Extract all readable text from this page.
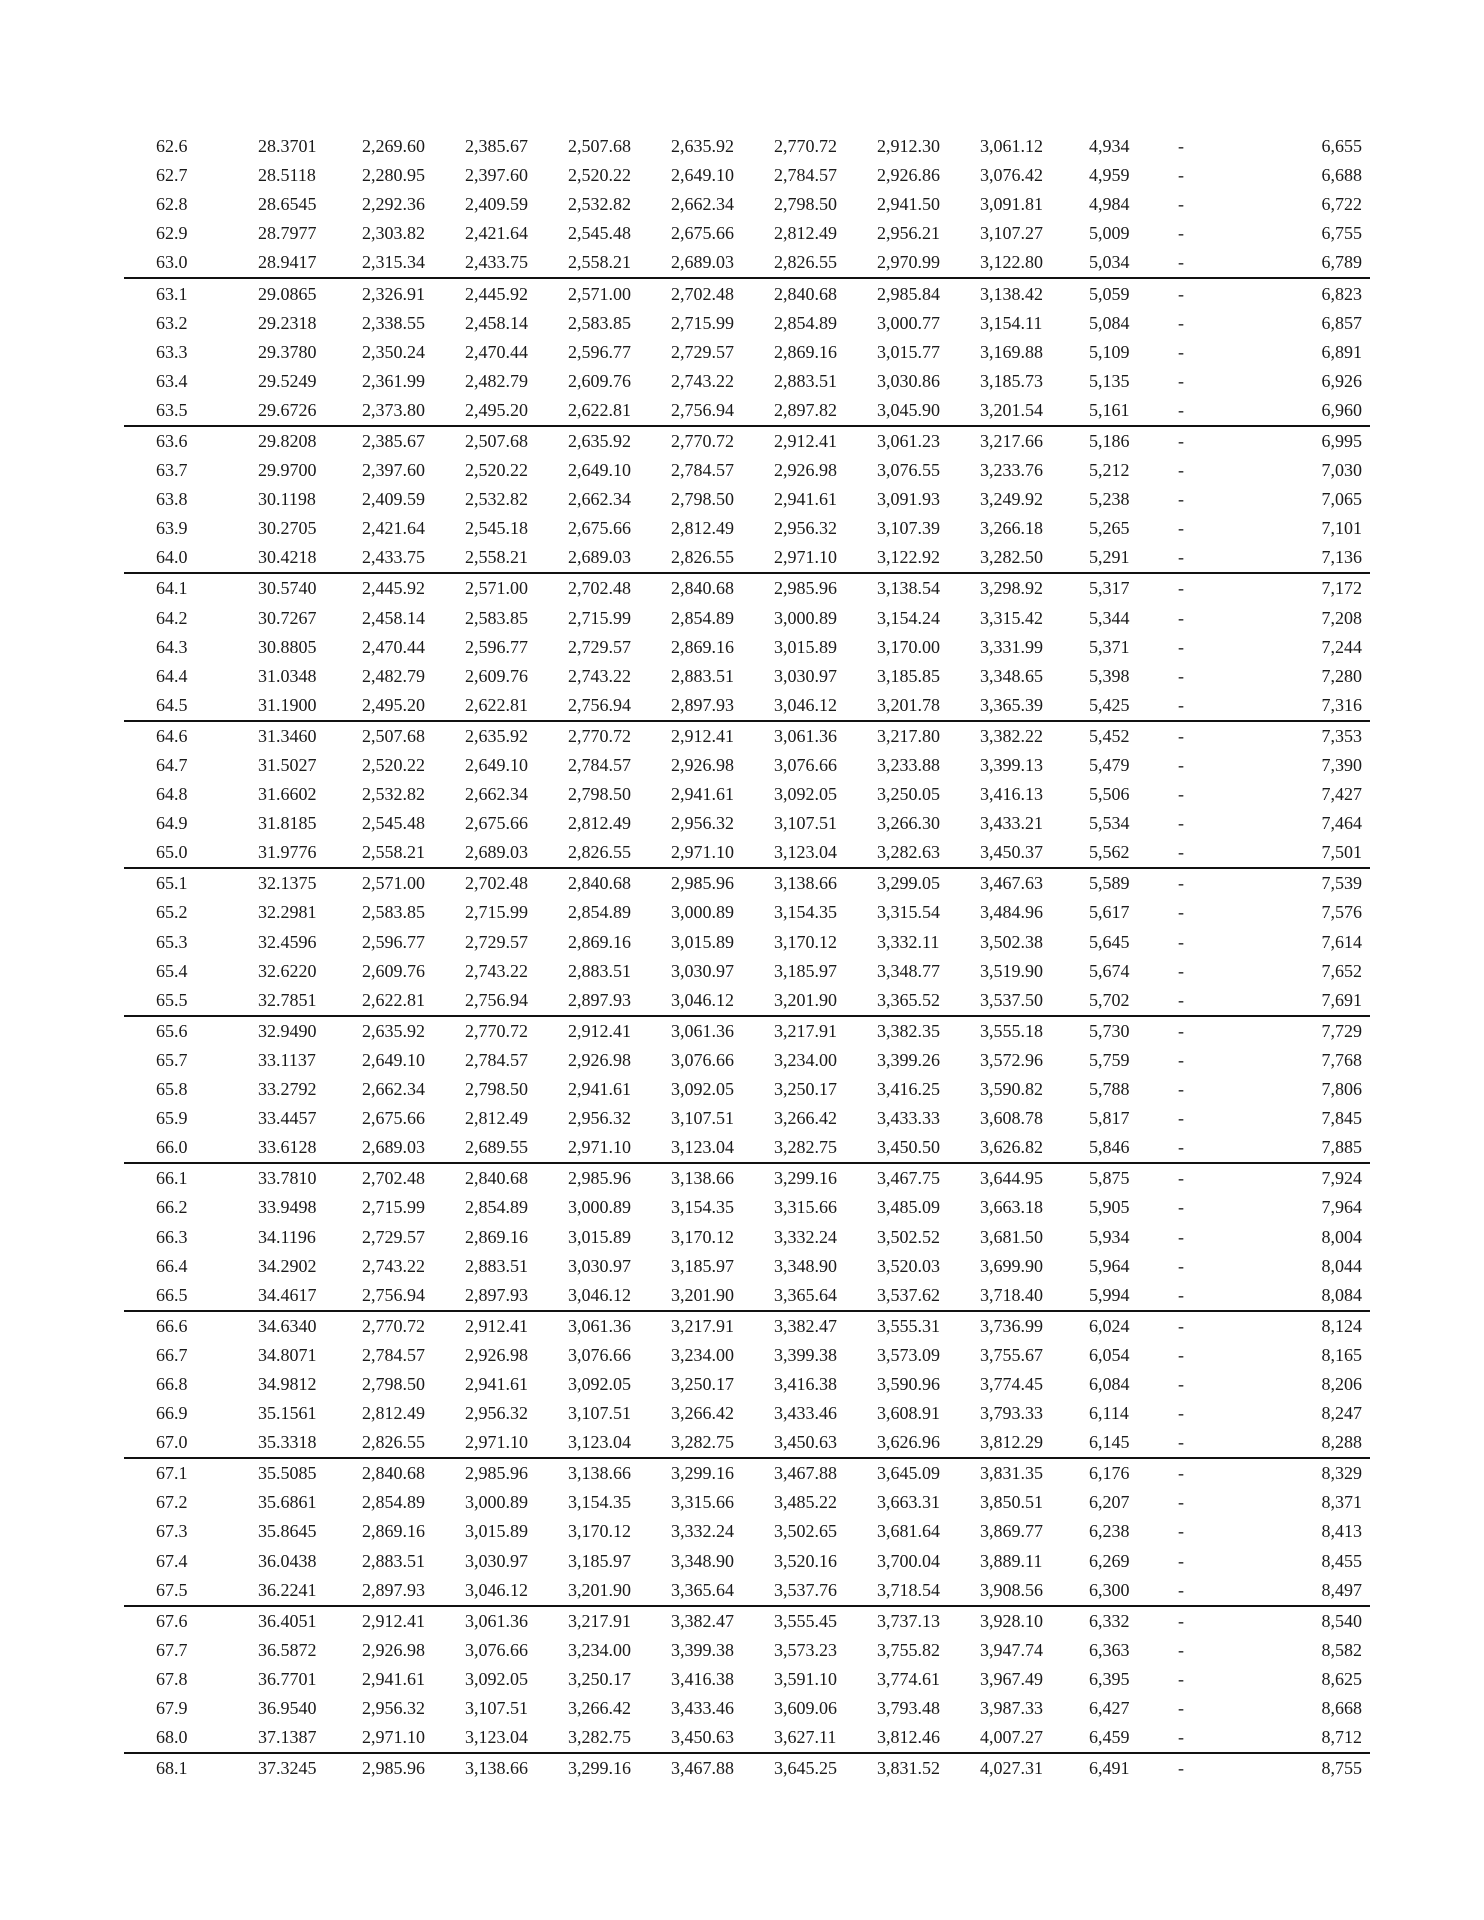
62.6	28.3701	2,269.60	2,385.67	2,507.68	2,635.92	2,770.72	2,912.30	3,061.12	4,934	-	6,655
62.7	28.5118	2,280.95	2,397.60	2,520.22	2,649.10	2,784.57	2,926.86	3,076.42	4,959	-	6,688
62.8	28.6545	2,292.36	2,409.59	2,532.82	2,662.34	2,798.50	2,941.50	3,091.81	4,984	-	6,722
62.9	28.7977	2,303.82	2,421.64	2,545.48	2,675.66	2,812.49	2,956.21	3,107.27	5,009	-	6,755
63.0	28.9417	2,315.34	2,433.75	2,558.21	2,689.03	2,826.55	2,970.99	3,122.80	5,034	-	6,789
63.1	29.0865	2,326.91	2,445.92	2,571.00	2,702.48	2,840.68	2,985.84	3,138.42	5,059	-	6,823
63.2	29.2318	2,338.55	2,458.14	2,583.85	2,715.99	2,854.89	3,000.77	3,154.11	5,084	-	6,857
63.3	29.3780	2,350.24	2,470.44	2,596.77	2,729.57	2,869.16	3,015.77	3,169.88	5,109	-	6,891
63.4	29.5249	2,361.99	2,482.79	2,609.76	2,743.22	2,883.51	3,030.86	3,185.73	5,135	-	6,926
63.5	29.6726	2,373.80	2,495.20	2,622.81	2,756.94	2,897.82	3,045.90	3,201.54	5,161	-	6,960
63.6	29.8208	2,385.67	2,507.68	2,635.92	2,770.72	2,912.41	3,061.23	3,217.66	5,186	-	6,995
63.7	29.9700	2,397.60	2,520.22	2,649.10	2,784.57	2,926.98	3,076.55	3,233.76	5,212	-	7,030
63.8	30.1198	2,409.59	2,532.82	2,662.34	2,798.50	2,941.61	3,091.93	3,249.92	5,238	-	7,065
63.9	30.2705	2,421.64	2,545.18	2,675.66	2,812.49	2,956.32	3,107.39	3,266.18	5,265	-	7,101
64.0	30.4218	2,433.75	2,558.21	2,689.03	2,826.55	2,971.10	3,122.92	3,282.50	5,291	-	7,136
64.1	30.5740	2,445.92	2,571.00	2,702.48	2,840.68	2,985.96	3,138.54	3,298.92	5,317	-	7,172
64.2	30.7267	2,458.14	2,583.85	2,715.99	2,854.89	3,000.89	3,154.24	3,315.42	5,344	-	7,208
64.3	30.8805	2,470.44	2,596.77	2,729.57	2,869.16	3,015.89	3,170.00	3,331.99	5,371	-	7,244
64.4	31.0348	2,482.79	2,609.76	2,743.22	2,883.51	3,030.97	3,185.85	3,348.65	5,398	-	7,280
64.5	31.1900	2,495.20	2,622.81	2,756.94	2,897.93	3,046.12	3,201.78	3,365.39	5,425	-	7,316
64.6	31.3460	2,507.68	2,635.92	2,770.72	2,912.41	3,061.36	3,217.80	3,382.22	5,452	-	7,353
64.7	31.5027	2,520.22	2,649.10	2,784.57	2,926.98	3,076.66	3,233.88	3,399.13	5,479	-	7,390
64.8	31.6602	2,532.82	2,662.34	2,798.50	2,941.61	3,092.05	3,250.05	3,416.13	5,506	-	7,427
64.9	31.8185	2,545.48	2,675.66	2,812.49	2,956.32	3,107.51	3,266.30	3,433.21	5,534	-	7,464
65.0	31.9776	2,558.21	2,689.03	2,826.55	2,971.10	3,123.04	3,282.63	3,450.37	5,562	-	7,501
65.1	32.1375	2,571.00	2,702.48	2,840.68	2,985.96	3,138.66	3,299.05	3,467.63	5,589	-	7,539
65.2	32.2981	2,583.85	2,715.99	2,854.89	3,000.89	3,154.35	3,315.54	3,484.96	5,617	-	7,576
65.3	32.4596	2,596.77	2,729.57	2,869.16	3,015.89	3,170.12	3,332.11	3,502.38	5,645	-	7,614
65.4	32.6220	2,609.76	2,743.22	2,883.51	3,030.97	3,185.97	3,348.77	3,519.90	5,674	-	7,652
65.5	32.7851	2,622.81	2,756.94	2,897.93	3,046.12	3,201.90	3,365.52	3,537.50	5,702	-	7,691
65.6	32.9490	2,635.92	2,770.72	2,912.41	3,061.36	3,217.91	3,382.35	3,555.18	5,730	-	7,729
65.7	33.1137	2,649.10	2,784.57	2,926.98	3,076.66	3,234.00	3,399.26	3,572.96	5,759	-	7,768
65.8	33.2792	2,662.34	2,798.50	2,941.61	3,092.05	3,250.17	3,416.25	3,590.82	5,788	-	7,806
65.9	33.4457	2,675.66	2,812.49	2,956.32	3,107.51	3,266.42	3,433.33	3,608.78	5,817	-	7,845
66.0	33.6128	2,689.03	2,689.55	2,971.10	3,123.04	3,282.75	3,450.50	3,626.82	5,846	-	7,885
66.1	33.7810	2,702.48	2,840.68	2,985.96	3,138.66	3,299.16	3,467.75	3,644.95	5,875	-	7,924
66.2	33.9498	2,715.99	2,854.89	3,000.89	3,154.35	3,315.66	3,485.09	3,663.18	5,905	-	7,964
66.3	34.1196	2,729.57	2,869.16	3,015.89	3,170.12	3,332.24	3,502.52	3,681.50	5,934	-	8,004
66.4	34.2902	2,743.22	2,883.51	3,030.97	3,185.97	3,348.90	3,520.03	3,699.90	5,964	-	8,044
66.5	34.4617	2,756.94	2,897.93	3,046.12	3,201.90	3,365.64	3,537.62	3,718.40	5,994	-	8,084
66.6	34.6340	2,770.72	2,912.41	3,061.36	3,217.91	3,382.47	3,555.31	3,736.99	6,024	-	8,124
66.7	34.8071	2,784.57	2,926.98	3,076.66	3,234.00	3,399.38	3,573.09	3,755.67	6,054	-	8,165
66.8	34.9812	2,798.50	2,941.61	3,092.05	3,250.17	3,416.38	3,590.96	3,774.45	6,084	-	8,206
66.9	35.1561	2,812.49	2,956.32	3,107.51	3,266.42	3,433.46	3,608.91	3,793.33	6,114	-	8,247
67.0	35.3318	2,826.55	2,971.10	3,123.04	3,282.75	3,450.63	3,626.96	3,812.29	6,145	-	8,288
67.1	35.5085	2,840.68	2,985.96	3,138.66	3,299.16	3,467.88	3,645.09	3,831.35	6,176	-	8,329
67.2	35.6861	2,854.89	3,000.89	3,154.35	3,315.66	3,485.22	3,663.31	3,850.51	6,207	-	8,371
67.3	35.8645	2,869.16	3,015.89	3,170.12	3,332.24	3,502.65	3,681.64	3,869.77	6,238	-	8,413
67.4	36.0438	2,883.51	3,030.97	3,185.97	3,348.90	3,520.16	3,700.04	3,889.11	6,269	-	8,455
67.5	36.2241	2,897.93	3,046.12	3,201.90	3,365.64	3,537.76	3,718.54	3,908.56	6,300	-	8,497
67.6	36.4051	2,912.41	3,061.36	3,217.91	3,382.47	3,555.45	3,737.13	3,928.10	6,332	-	8,540
67.7	36.5872	2,926.98	3,076.66	3,234.00	3,399.38	3,573.23	3,755.82	3,947.74	6,363	-	8,582
67.8	36.7701	2,941.61	3,092.05	3,250.17	3,416.38	3,591.10	3,774.61	3,967.49	6,395	-	8,625
67.9	36.9540	2,956.32	3,107.51	3,266.42	3,433.46	3,609.06	3,793.48	3,987.33	6,427	-	8,668
68.0	37.1387	2,971.10	3,123.04	3,282.75	3,450.63	3,627.11	3,812.46	4,007.27	6,459	-	8,712
68.1	37.3245	2,985.96	3,138.66	3,299.16	3,467.88	3,645.25	3,831.52	4,027.31	6,491	-	8,755
